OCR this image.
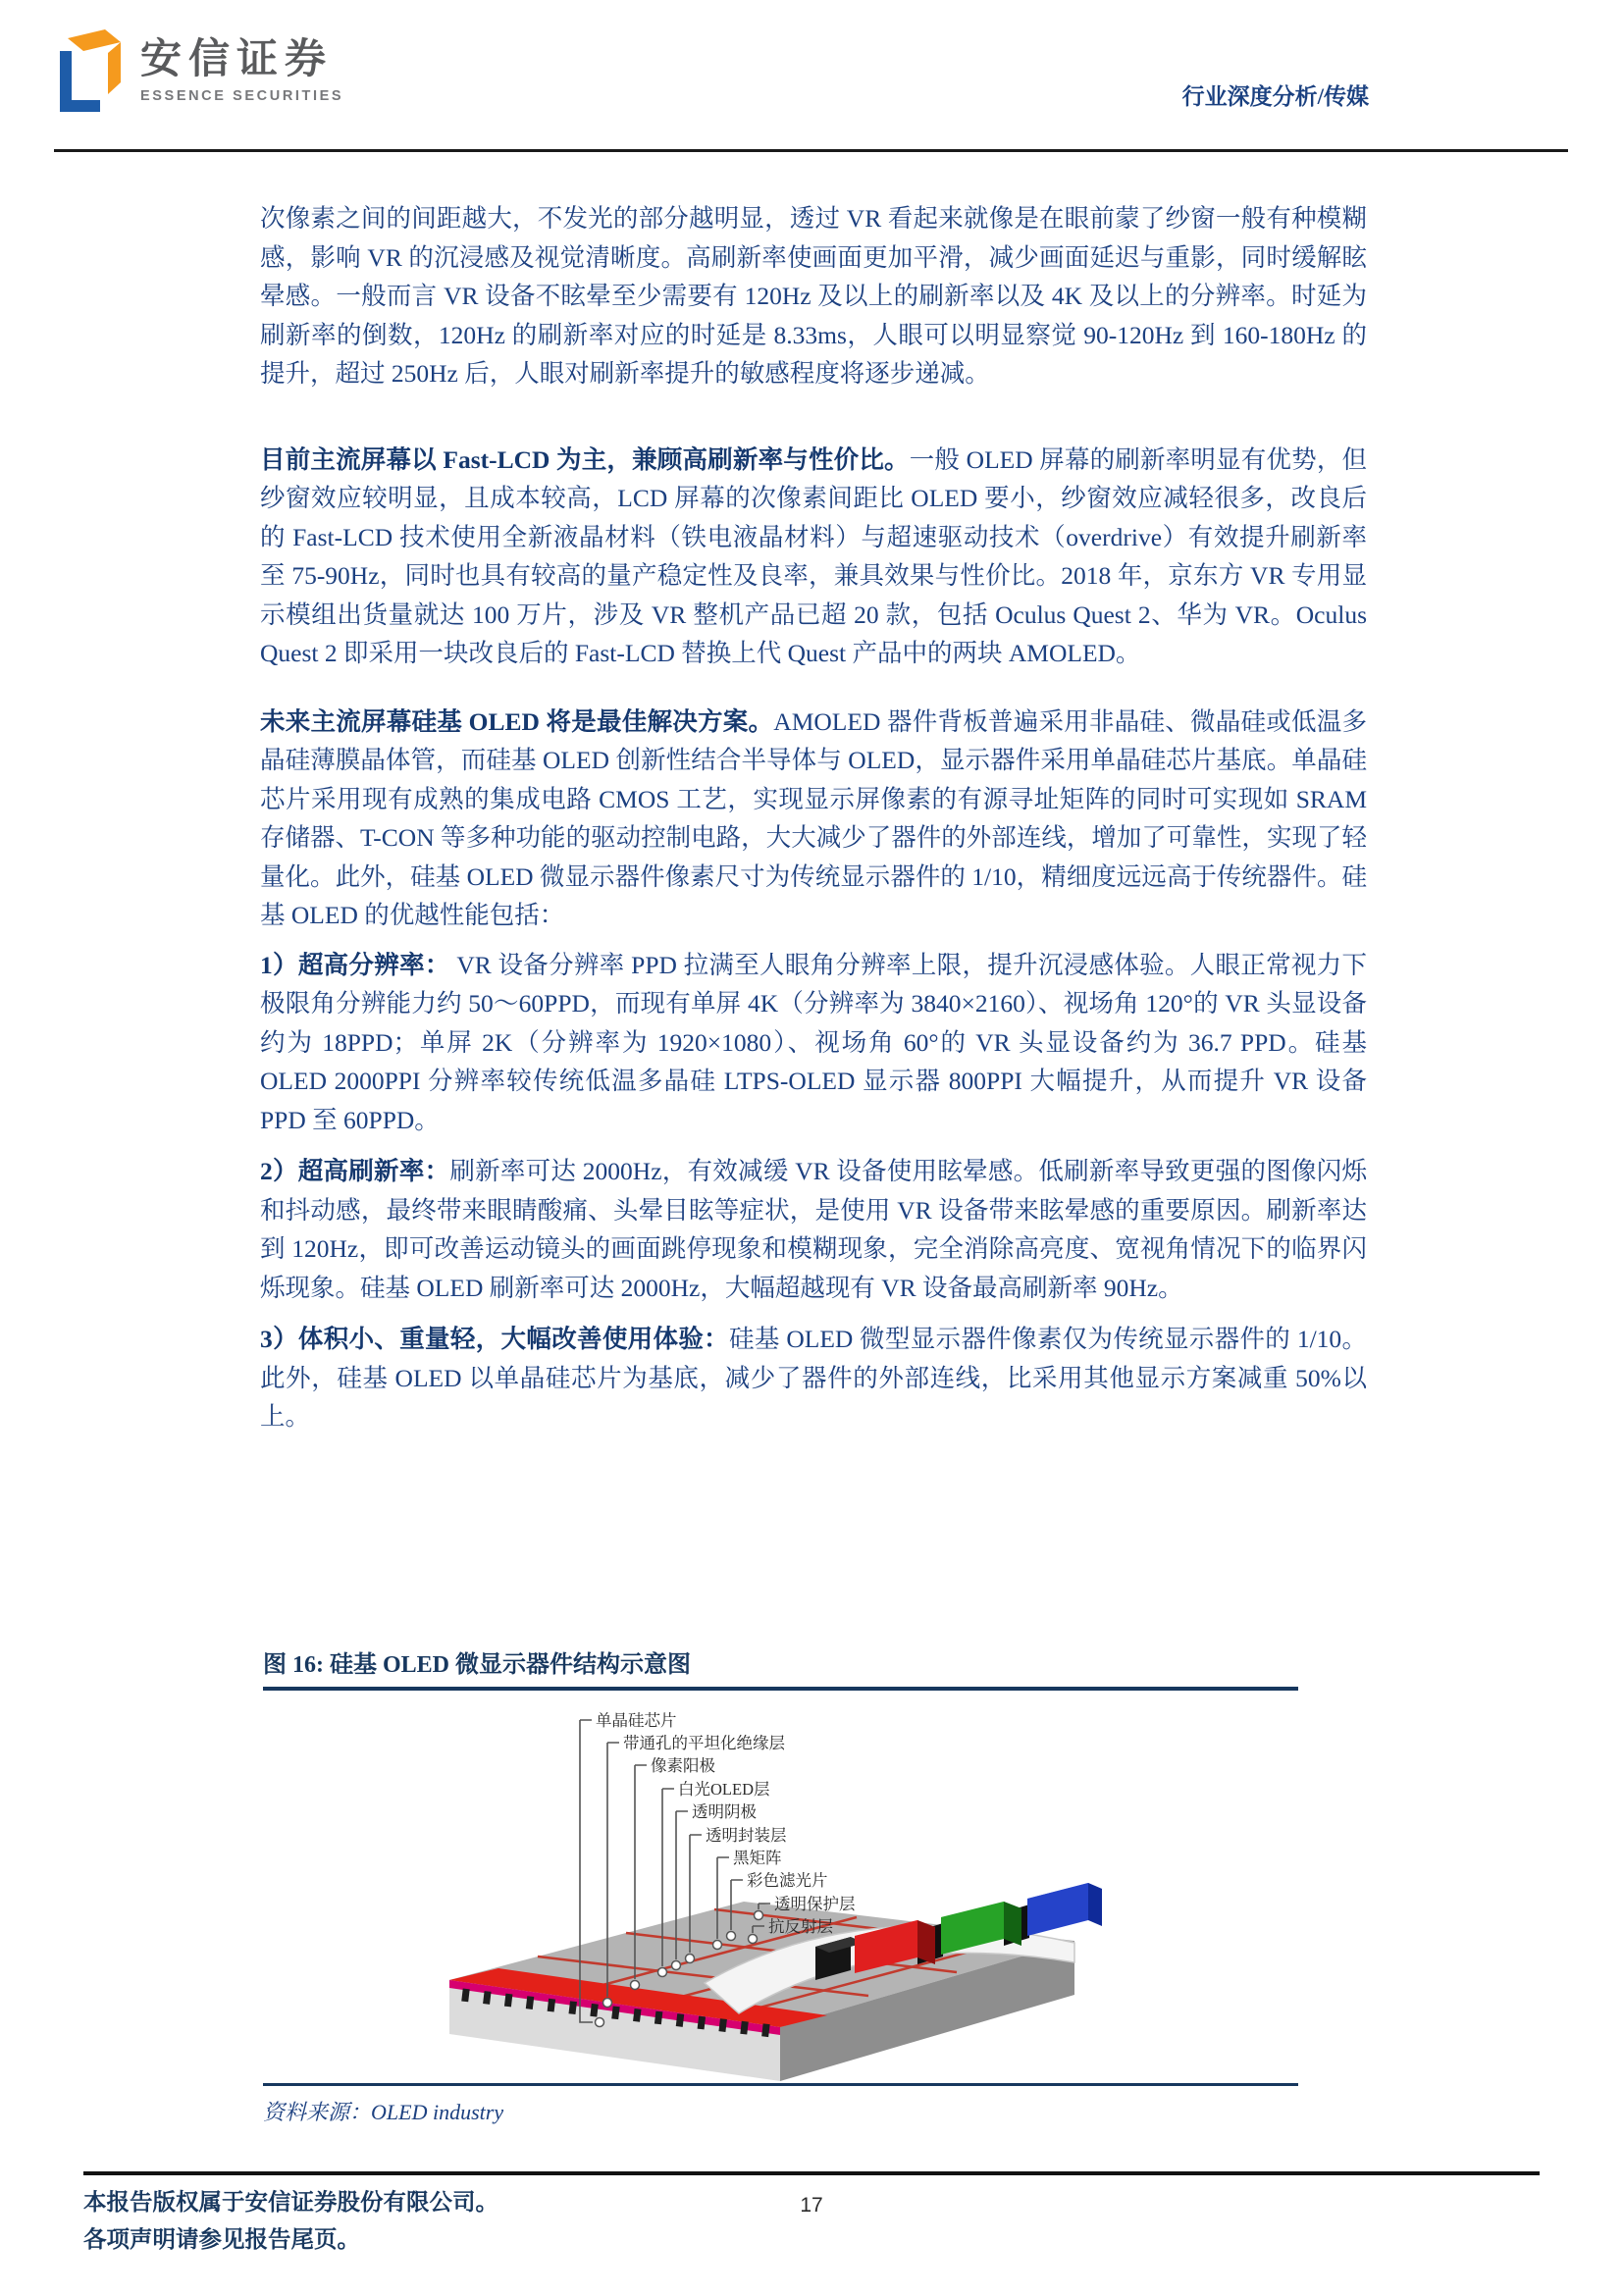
安信证券
ESSENCE SECURITIES	行业深度分析/传媒

次像素之间的间距越大，不发光的部分越明显，透过 VR 看起来就像是在眼前蒙了纱窗一般有种模糊感，影响 VR 的沉浸感及视觉清晰度。高刷新率使画面更加平滑，减少画面延迟与重影，同时缓解眩晕感。一般而言 VR 设备不眩晕至少需要有 120Hz 及以上的刷新率以及 4K 及以上的分辨率。时延为刷新率的倒数，120Hz 的刷新率对应的时延是 8.33ms，人眼可以明显察觉 90-120Hz 到 160-180Hz 的提升，超过 250Hz 后，人眼对刷新率提升的敏感程度将逐步递减。

目前主流屏幕以 Fast-LCD 为主，兼顾高刷新率与性价比。一般 OLED 屏幕的刷新率明显有优势，但纱窗效应较明显，且成本较高，LCD 屏幕的次像素间距比 OLED 要小，纱窗效应减轻很多，改良后的 Fast-LCD 技术使用全新液晶材料（铁电液晶材料）与超速驱动技术（overdrive）有效提升刷新率至 75-90Hz，同时也具有较高的量产稳定性及良率，兼具效果与性价比。2018 年，京东方 VR 专用显示模组出货量就达 100 万片，涉及 VR 整机产品已超 20 款，包括 Oculus Quest 2、华为 VR。Oculus Quest 2 即采用一块改良后的 Fast-LCD 替换上代 Quest 产品中的两块 AMOLED。

未来主流屏幕硅基 OLED 将是最佳解决方案。AMOLED 器件背板普遍采用非晶硅、微晶硅或低温多晶硅薄膜晶体管，而硅基 OLED 创新性结合半导体与 OLED，显示器件采用单晶硅芯片基底。单晶硅芯片采用现有成熟的集成电路 CMOS 工艺，实现显示屏像素的有源寻址矩阵的同时可实现如 SRAM 存储器、T-CON 等多种功能的驱动控制电路，大大减少了器件的外部连线，增加了可靠性，实现了轻量化。此外，硅基 OLED 微显示器件像素尺寸为传统显示器件的 1/10，精细度远远高于传统器件。硅基 OLED 的优越性能包括：

1）超高分辨率： VR 设备分辨率 PPD 拉满至人眼角分辨率上限，提升沉浸感体验。人眼正常视力下极限角分辨能力约 50～60PPD，而现有单屏 4K（分辨率为 3840×2160）、视场角 120°的 VR 头显设备约为 18PPD；单屏 2K（分辨率为 1920×1080）、视场角 60°的 VR 头显设备约为 36.7 PPD。硅基 OLED 2000PPI 分辨率较传统低温多晶硅 LTPS-OLED 显示器 800PPI 大幅提升，从而提升 VR 设备 PPD 至 60PPD。

2）超高刷新率：刷新率可达 2000Hz，有效减缓 VR 设备使用眩晕感。低刷新率导致更强的图像闪烁和抖动感，最终带来眼睛酸痛、头晕目眩等症状，是使用 VR 设备带来眩晕感的重要原因。刷新率达到 120Hz，即可改善运动镜头的画面跳停现象和模糊现象，完全消除高亮度、宽视角情况下的临界闪烁现象。硅基 OLED 刷新率可达 2000Hz，大幅超越现有 VR 设备最高刷新率 90Hz。

3）体积小、重量轻，大幅改善使用体验：硅基 OLED 微型显示器件像素仅为传统显示器件的 1/10。此外，硅基 OLED 以单晶硅芯片为基底，减少了器件的外部连线，比采用其他显示方案减重 50%以上。

图 16: 硅基 OLED 微显示器件结构示意图
单晶硅芯片
带通孔的平坦化绝缘层
像素阳极
白光OLED层
透明阴极
透明封装层
黑矩阵
彩色滤光片
透明保护层
抗反射层
资料来源：OLED industry
本报告版权属于安信证券股份有限公司。
各项声明请参见报告尾页。
17
